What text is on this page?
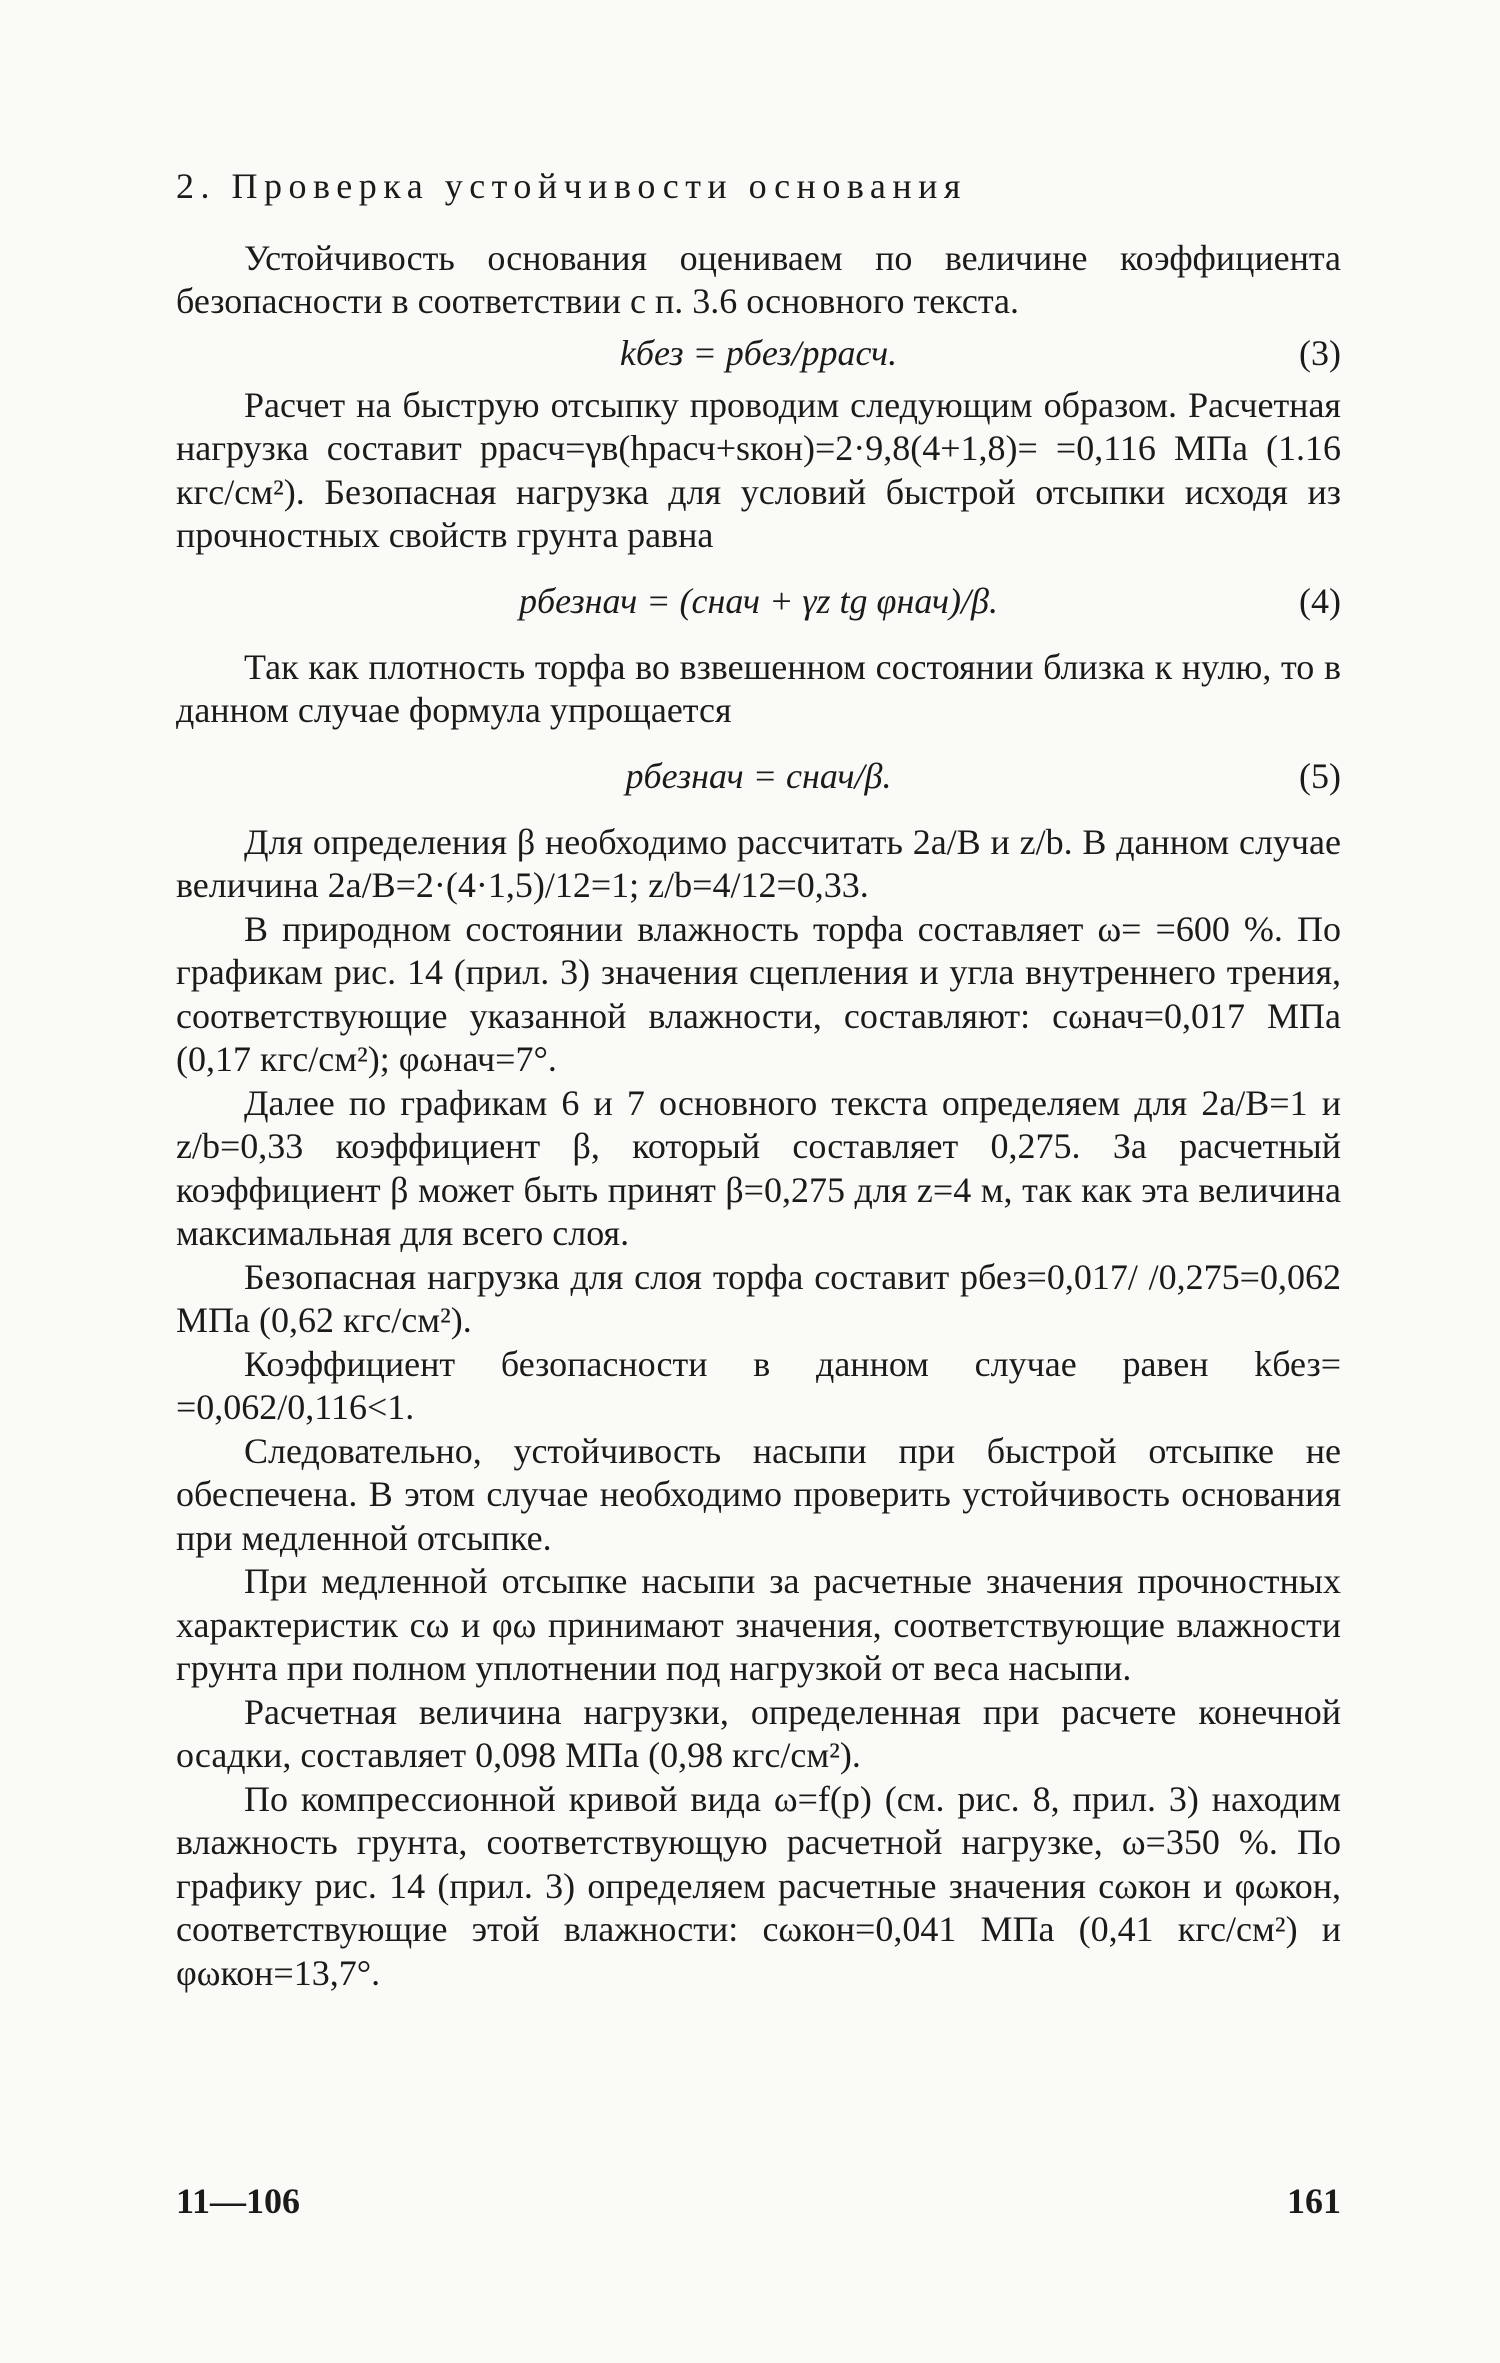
2. Проверка устойчивости основания

Устойчивость основания оцениваем по величине коэффициента безопасности в соответствии с п. 3.6 основного текста.

kбез = pбез/pрасч.	(3)

Расчет на быструю отсыпку проводим следующим образом. Расчетная нагрузка составит pрасч=γв(hрасч+sкон)=2·9,8(4+1,8)= =0,116 МПа (1.16 кгс/см²). Безопасная нагрузка для условий быстрой отсыпки исходя из прочностных свойств грунта равна

pбезнач = (cнач + γz tg φнач)/β.	(4)

Так как плотность торфа во взвешенном состоянии близка к нулю, то в данном случае формула упрощается

pбезнач = cнач/β.	(5)

Для определения β необходимо рассчитать 2a/B и z/b. В данном случае величина 2a/B=2·(4·1,5)/12=1; z/b=4/12=0,33.

В природном состоянии влажность торфа составляет ω= =600 %. По графикам рис. 14 (прил. 3) значения сцепления и угла внутреннего трения, соответствующие указанной влажности, составляют: cωнач=0,017 МПа (0,17 кгс/см²); φωнач=7°.

Далее по графикам 6 и 7 основного текста определяем для 2a/B=1 и z/b=0,33 коэффициент β, который составляет 0,275. За расчетный коэффициент β может быть принят β=0,275 для z=4 м, так как эта величина максимальная для всего слоя.

Безопасная нагрузка для слоя торфа составит pбез=0,017/ /0,275=0,062 МПа (0,62 кгс/см²).

Коэффициент безопасности в данном случае равен kбез= =0,062/0,116<1.

Следовательно, устойчивость насыпи при быстрой отсыпке не обеспечена. В этом случае необходимо проверить устойчивость основания при медленной отсыпке.

При медленной отсыпке насыпи за расчетные значения прочностных характеристик cω и φω принимают значения, соответствующие влажности грунта при полном уплотнении под нагрузкой от веса насыпи.

Расчетная величина нагрузки, определенная при расчете конечной осадки, составляет 0,098 МПа (0,98 кгс/см²).

По компрессионной кривой вида ω=f(p) (см. рис. 8, прил. 3) находим влажность грунта, соответствующую расчетной нагрузке, ω=350 %. По графику рис. 14 (прил. 3) определяем расчетные значения cωкон и φωкон, соответствующие этой влажности: cωкон=0,041 МПа (0,41 кгс/см²) и φωкон=13,7°.

11—106	161
